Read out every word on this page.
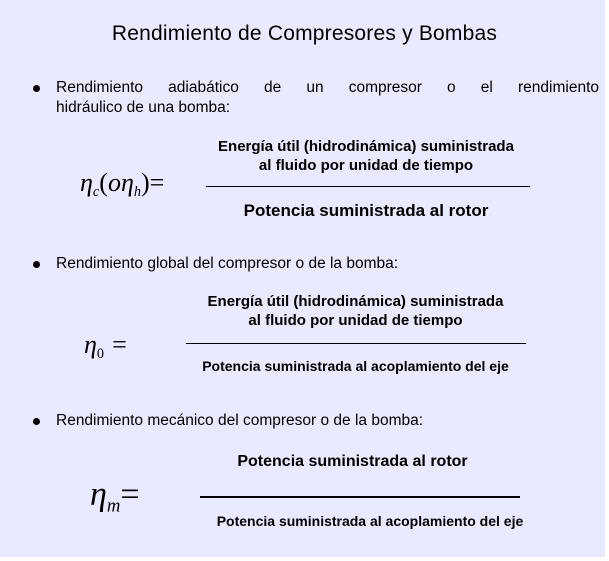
Rendimiento de Compresores y Bombas
Rendimiento adiabático de un compresor o el rendimiento
hidráulico de una bomba:
$\eta_c(o\eta_h)=$
Energía útil (hidrodinámica) suministrada
al fluido por unidad de tiempo
Potencia suministrada al rotor
Rendimiento global del compresor o de la bomba:
$\eta_0$ =
Energía útil (hidrodinámica) suministrada
al fluido por unidad de tiempo
Potencia suministrada al acoplamiento del eje
Rendimiento mecánico del compresor o de la bomba:
$\eta_m=$
Potencia suministrada al rotor
Potencia suministrada al acoplamiento del eje
